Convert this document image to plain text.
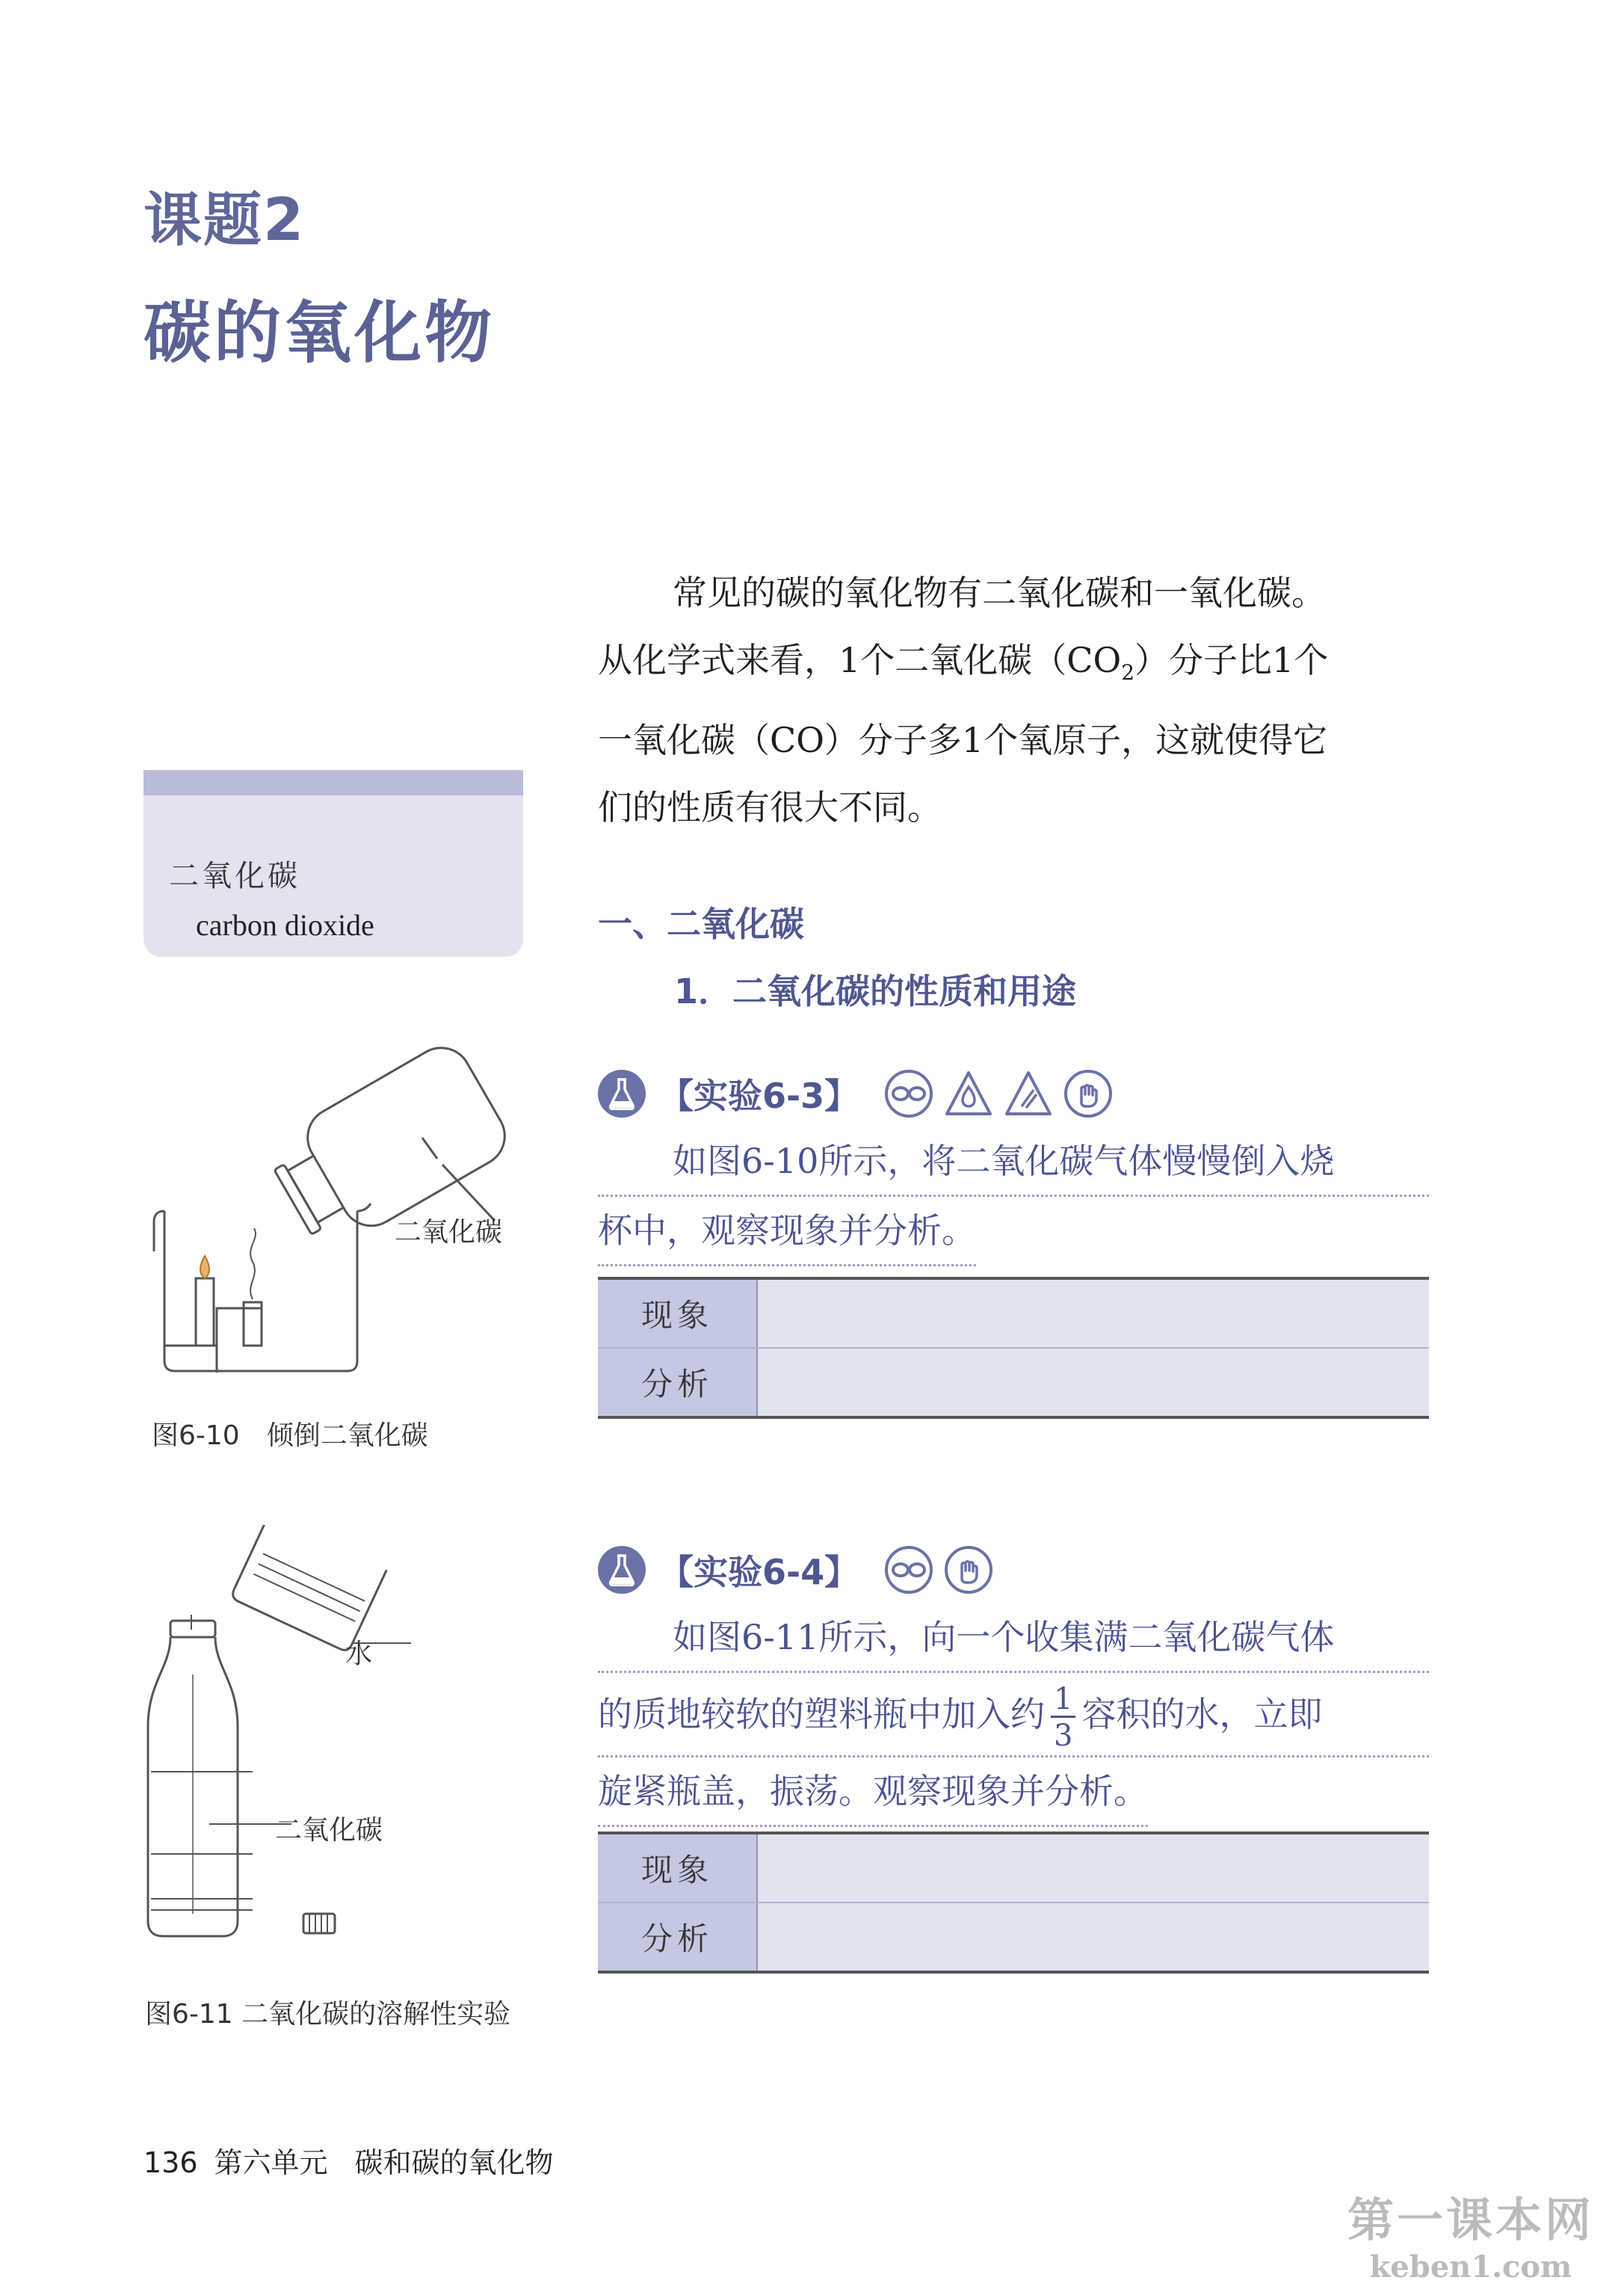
课题2
碳的氧化物

常见的碳的氧化物有二氧化碳和一氧化碳。

从化学式来看，1个二氧化碳$(CO_2)$分子比1个
一氧化碳（CO）分子多1个氧原子，这就使得它
们的性质有很大不同。
二氧化碳
carbon dioxide	一、二氧化碳
1．二氧化碳的性质和用途
【实验6-3】
如图6-10所示，将二氧化碳气体慢慢倒入烧
杯中，观察现象并分析。
现象	
分析	
【实验6-4】
如图6-11所示，向一个收集满二氧化碳气体
的质地较软的塑料瓶中加入约 $\frac{1}{3}$ 容积的水，立即
旋紧瓶盖，振荡。观察现象并分析。
现象	
分析	
二氧化碳
图6-10　 倾倒二氧化碳
水
二氧化碳
图6-11 二氧化碳的溶解性实验
136 第六单元 碳和碳的氧化物
第一课本网
keben1.com
